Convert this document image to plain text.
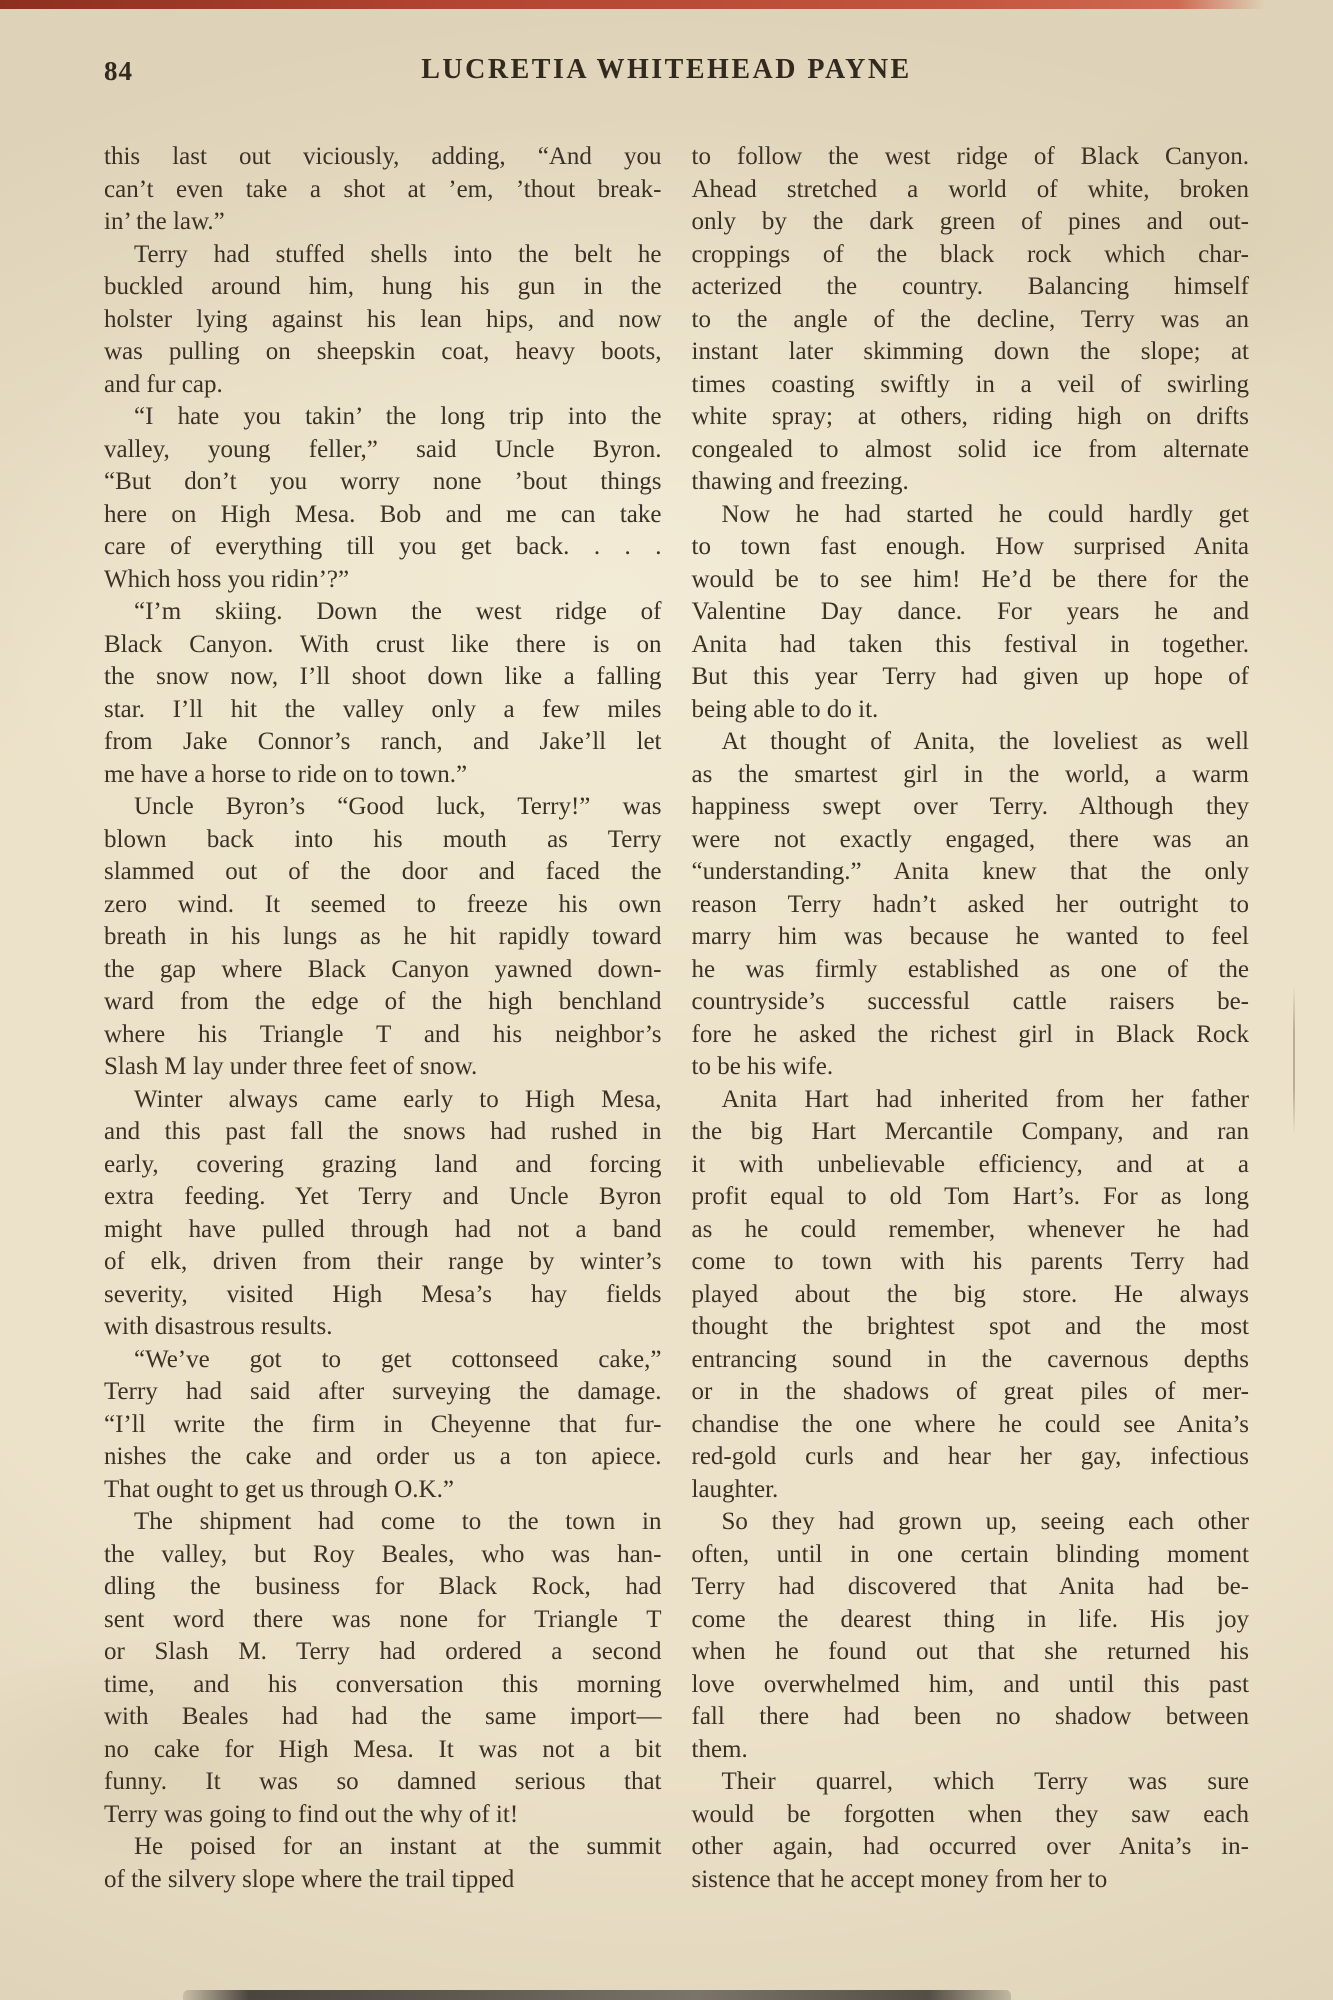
84	LUCRETIA WHITEHEAD PAYNE
this last out viciously, adding, “And you
can’t even take a shot at ’em, ’thout break-
in’ the law.”
Terry had stuffed shells into the belt he
buckled around him, hung his gun in the
holster lying against his lean hips, and now
was pulling on sheepskin coat, heavy boots,
and fur cap.
“I hate you takin’ the long trip into the
valley, young feller,” said Uncle Byron.
“But don’t you worry none ’bout things
here on High Mesa. Bob and me can take
care of everything till you get back. . . .
Which hoss you ridin’?”
“I’m skiing. Down the west ridge of
Black Canyon. With crust like there is on
the snow now, I’ll shoot down like a falling
star. I’ll hit the valley only a few miles
from Jake Connor’s ranch, and Jake’ll let
me have a horse to ride on to town.”
Uncle Byron’s “Good luck, Terry!” was
blown back into his mouth as Terry
slammed out of the door and faced the
zero wind. It seemed to freeze his own
breath in his lungs as he hit rapidly toward
the gap where Black Canyon yawned down-
ward from the edge of the high benchland
where his Triangle T and his neighbor’s
Slash M lay under three feet of snow.
Winter always came early to High Mesa,
and this past fall the snows had rushed in
early, covering grazing land and forcing
extra feeding. Yet Terry and Uncle Byron
might have pulled through had not a band
of elk, driven from their range by winter’s
severity, visited High Mesa’s hay fields
with disastrous results.
“We’ve got to get cottonseed cake,”
Terry had said after surveying the damage.
“I’ll write the firm in Cheyenne that fur-
nishes the cake and order us a ton apiece.
That ought to get us through O.K.”
The shipment had come to the town in
the valley, but Roy Beales, who was han-
dling the business for Black Rock, had
sent word there was none for Triangle T
or Slash M. Terry had ordered a second
time, and his conversation this morning
with Beales had had the same import—
no cake for High Mesa. It was not a bit
funny. It was so damned serious that
Terry was going to find out the why of it!
He poised for an instant at the summit
of the silvery slope where the trail tipped
to follow the west ridge of Black Canyon.
Ahead stretched a world of white, broken
only by the dark green of pines and out-
croppings of the black rock which char-
acterized the country. Balancing himself
to the angle of the decline, Terry was an
instant later skimming down the slope; at
times coasting swiftly in a veil of swirling
white spray; at others, riding high on drifts
congealed to almost solid ice from alternate
thawing and freezing.
Now he had started he could hardly get
to town fast enough. How surprised Anita
would be to see him! He’d be there for the
Valentine Day dance. For years he and
Anita had taken this festival in together.
But this year Terry had given up hope of
being able to do it.
At thought of Anita, the loveliest as well
as the smartest girl in the world, a warm
happiness swept over Terry. Although they
were not exactly engaged, there was an
“understanding.” Anita knew that the only
reason Terry hadn’t asked her outright to
marry him was because he wanted to feel
he was firmly established as one of the
countryside’s successful cattle raisers be-
fore he asked the richest girl in Black Rock
to be his wife.
Anita Hart had inherited from her father
the big Hart Mercantile Company, and ran
it with unbelievable efficiency, and at a
profit equal to old Tom Hart’s. For as long
as he could remember, whenever he had
come to town with his parents Terry had
played about the big store. He always
thought the brightest spot and the most
entrancing sound in the cavernous depths
or in the shadows of great piles of mer-
chandise the one where he could see Anita’s
red-gold curls and hear her gay, infectious
laughter.
So they had grown up, seeing each other
often, until in one certain blinding moment
Terry had discovered that Anita had be-
come the dearest thing in life. His joy
when he found out that she returned his
love overwhelmed him, and until this past
fall there had been no shadow between
them.
Their quarrel, which Terry was sure
would be forgotten when they saw each
other again, had occurred over Anita’s in-
sistence that he accept money from her to
